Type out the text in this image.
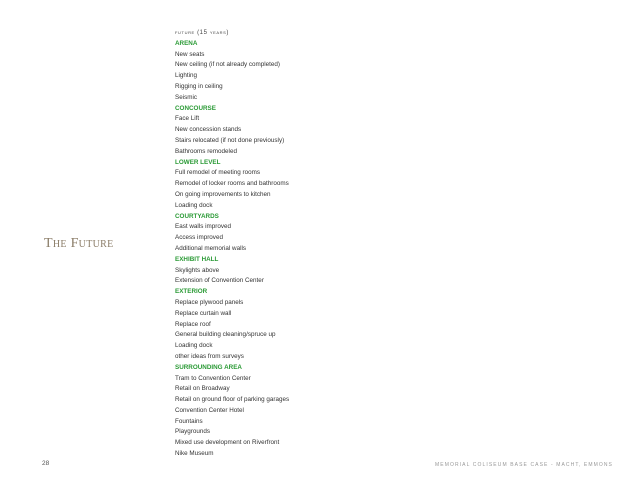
The Future
future (15 years)
ARENA
New seats
New ceiling (if not already completed)
Lighting
Rigging in ceiling
Seismic
CONCOURSE
Face Lift
New concession stands
Stairs relocated (if not done previously)
Bathrooms remodeled
LOWER LEVEL
Full remodel of meeting rooms
Remodel of locker rooms and bathrooms
On going improvements to kitchen
Loading dock
COURTYARDS
East walls improved
Access improved
Additional memorial walls
EXHIBIT HALL
Skylights above
Extension of Convention Center
EXTERIOR
Replace plywood panels
Replace curtain wall
Replace roof
General building cleaning/spruce up
Loading dock
other ideas from surveys
SURROUNDING AREA
Tram to Convention Center
Retail on Broadway
Retail on ground floor of parking garages
Convention Center Hotel
Fountains
Playgrounds
Mixed use development on Riverfront
Nike Museum
28	MEMORIAL COLISEUM BASE CASE - MACHT, EMMONS
